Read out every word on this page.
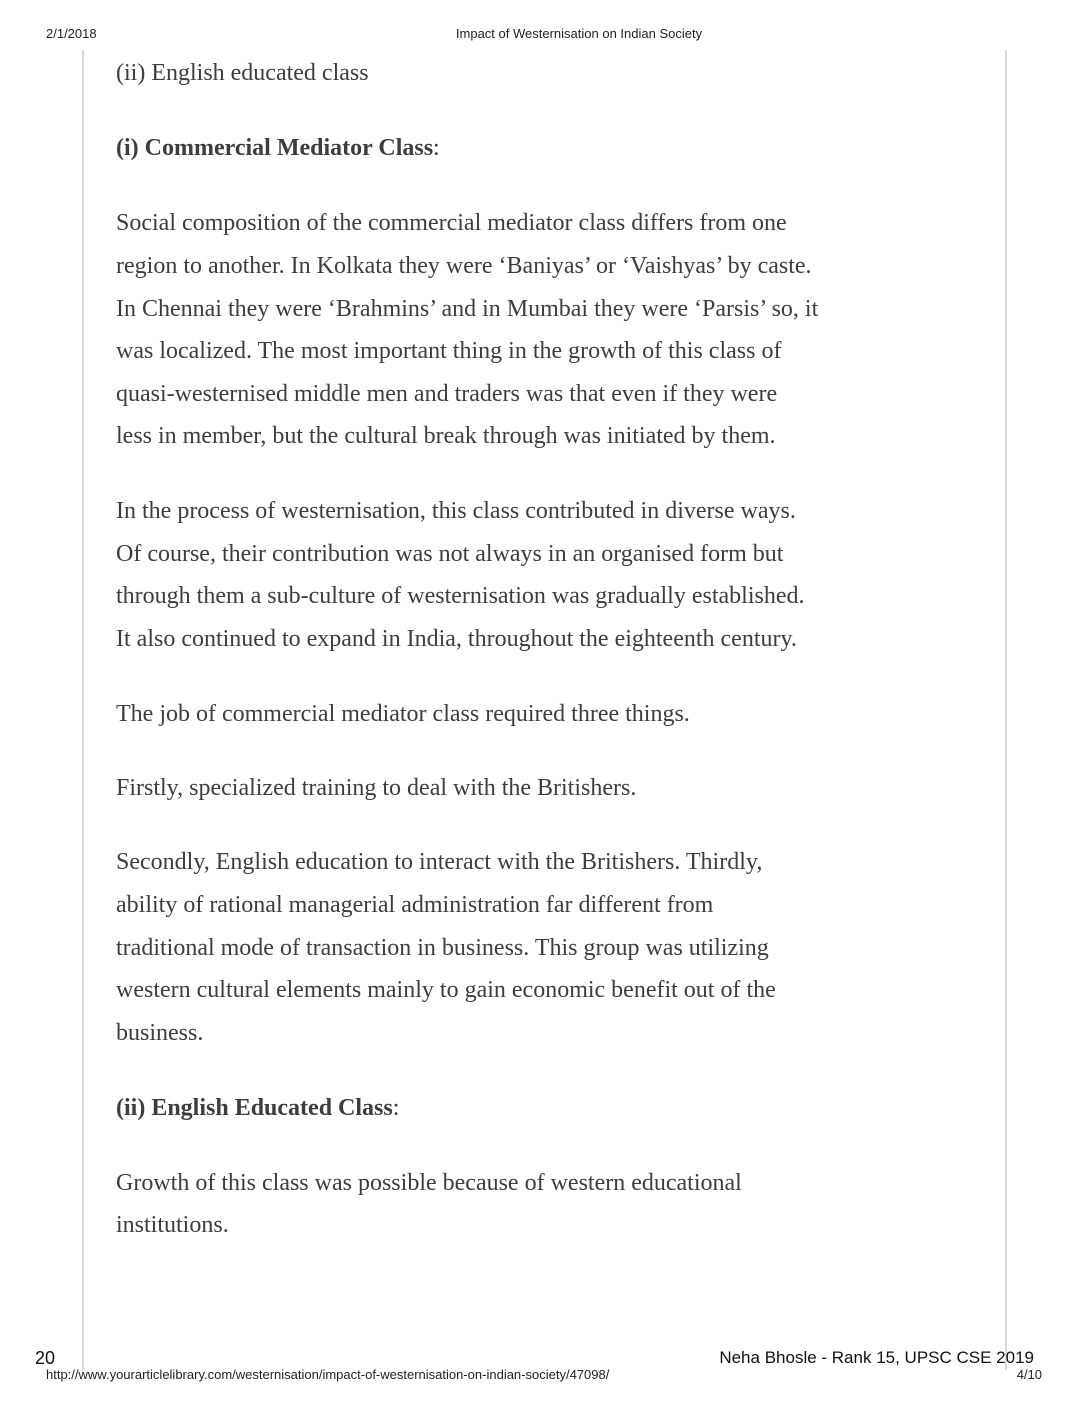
2/1/2018	Impact of Westernisation on Indian Society
(ii) English educated class
(i) Commercial Mediator Class:
Social composition of the commercial mediator class differs from one
region to another. In Kolkata they were ‘Baniyas’ or ‘Vaishyas’ by caste.
In Chennai they were ‘Brahmins’ and in Mumbai they were ‘Parsis’ so, it
was localized. The most important thing in the growth of this class of
quasi-westernised middle men and traders was that even if they were
less in member, but the cultural break through was initiated by them.
In the process of westernisation, this class contributed in diverse ways.
Of course, their contribution was not always in an organised form but
through them a sub-culture of westernisation was gradually established.
It also continued to expand in India, throughout the eighteenth century.
The job of commercial mediator class required three things.
Firstly, specialized training to deal with the Britishers.
Secondly, English education to interact with the Britishers. Thirdly,
ability of rational managerial administration far different from
traditional mode of transaction in business. This group was utilizing
western cultural elements mainly to gain economic benefit out of the
business.
(ii) English Educated Class:
Growth of this class was possible because of western educational
institutions.
20	Neha Bhosle - Rank 15, UPSC CSE 2019
http://www.yourarticlelibrary.com/westernisation/impact-of-westernisation-on-indian-society/47098/	4/10
